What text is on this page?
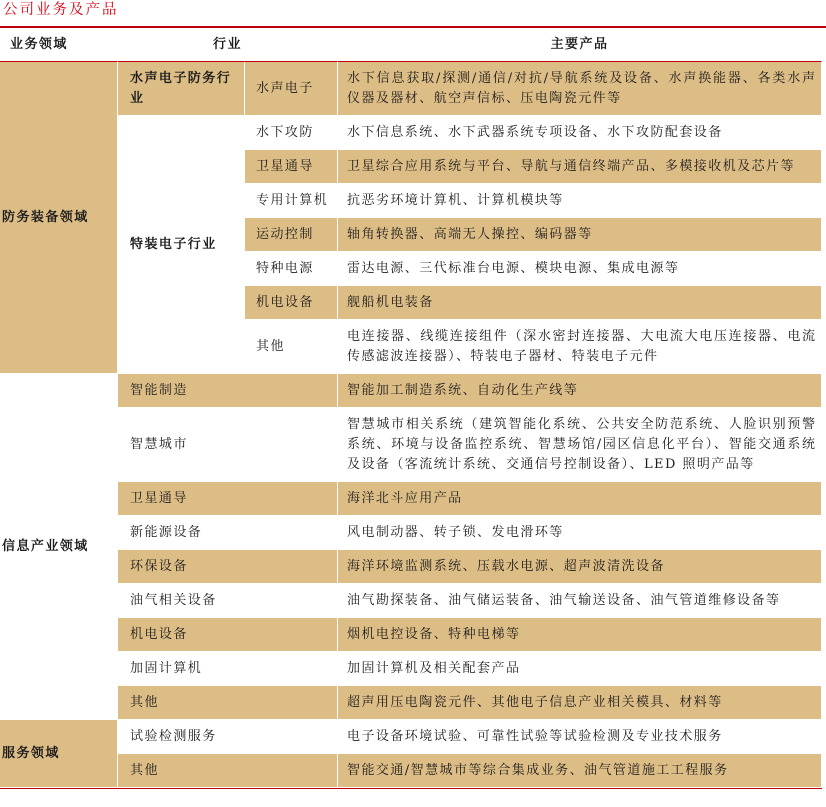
公司业务及产品
业务领域	行业		主要产品
防务装备领域	水声电子防务行业	水声电子	水下信息获取/探测/通信/对抗/导航系统及设备、水声换能器、各类水声仪器及器材、航空声信标、压电陶瓷元件等

	特装电子行业	水下攻防	水下信息系统、水下武器系统专项设备、水下攻防配套设备

		卫星通导	卫星综合应用系统与平台、导航与通信终端产品、多模接收机及芯片等

		专用计算机	抗恶劣环境计算机、计算机模块等

		运动控制	轴角转换器、高端无人操控、编码器等

		特种电源	雷达电源、三代标准台电源、模块电源、集成电源等

		机电设备	舰船机电装备

		其他	电连接器、线缆连接组件（深水密封连接器、大电流大电压连接器、电流传感滤波连接器）、特装电子器材、特装电子元件

信息产业领域	智能制造		智能加工制造系统、自动化生产线等

	智慧城市		智慧城市相关系统（建筑智能化系统、公共安全防范系统、人脸识别预警系统、环境与设备监控系统、智慧场馆/园区信息化平台）、智能交通系统及设备（客流统计系统、交通信号控制设备）、LED 照明产品等

	卫星通导		海洋北斗应用产品

	新能源设备		风电制动器、转子锁、发电滑环等

	环保设备		海洋环境监测系统、压载水电源、超声波清洗设备

	油气相关设备		油气勘探装备、油气储运装备、油气输送设备、油气管道维修设备等

	机电设备		烟机电控设备、特种电梯等

	加固计算机		加固计算机及相关配套产品

	其他		超声用压电陶瓷元件、其他电子信息产业相关模具、材料等

服务领域	试验检测服务		电子设备环境试验、可靠性试验等试验检测及专业技术服务

	其他		智能交通/智慧城市等综合集成业务、油气管道施工工程服务
